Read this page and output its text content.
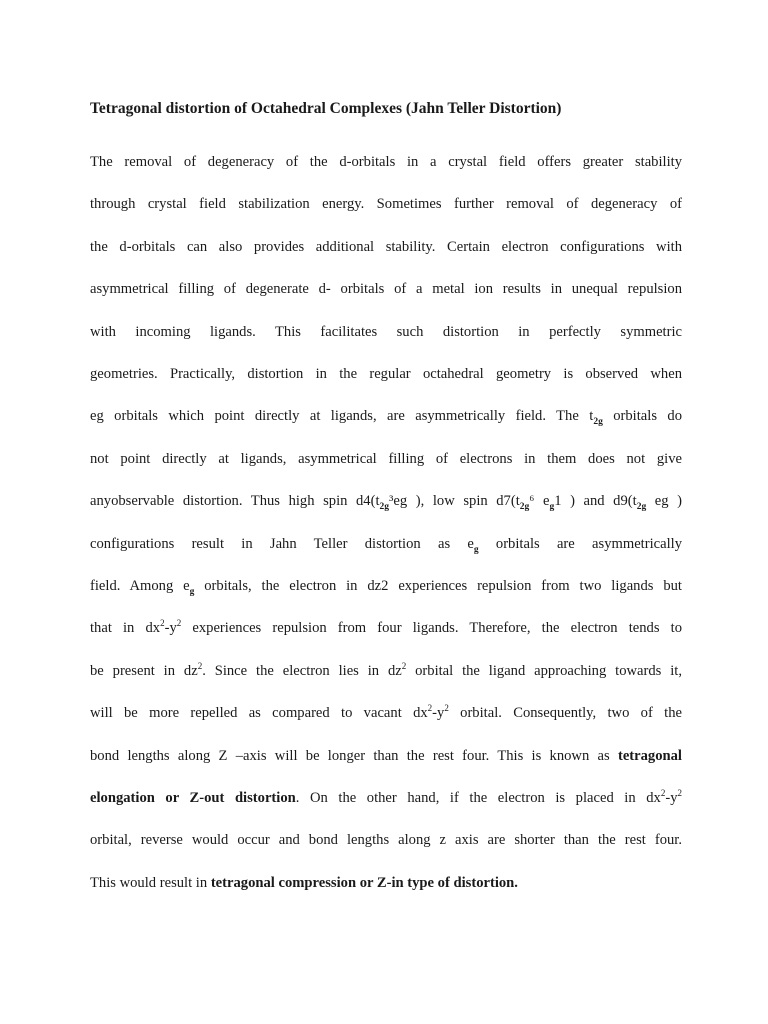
Tetragonal distortion of Octahedral Complexes (Jahn Teller Distortion)
The removal of degeneracy of the d-orbitals in a crystal field offers greater stability
through crystal field stabilization energy. Sometimes further removal of degeneracy of
the d-orbitals can also provides additional stability. Certain electron configurations with
asymmetrical filling of degenerate d- orbitals of a metal ion results in unequal repulsion
with incoming ligands. This facilitates such distortion in perfectly symmetric
geometries. Practically, distortion in the regular octahedral geometry is observed when
eg orbitals which point directly at ligands, are asymmetrically field. The $t_{2g}$ orbitals do
not point directly at ligands, asymmetrical filling of electrons in them does not give
anyobservable distortion. Thus high spin $d4(t_{2g}^3eg$ ), low spin $d7(t_{2g}^6$ $e_g1$ ) and $d9(t_{2g}$ eg )
configurations result in Jahn Teller distortion as $e_g$ orbitals are asymmetrically
field. Among $e_g$ orbitals, the electron in dz2 experiences repulsion from two ligands but
that in $dx^2-y^2$ experiences repulsion from four ligands. Therefore, the electron tends to
be present in $dz^2$. Since the electron lies in $dz^2$ orbital the ligand approaching towards it,
will be more repelled as compared to vacant $dx^2-y^2$ orbital. Consequently, two of the
bond lengths along Z –axis will be longer than the rest four. This is known as tetragonal
elongation or Z-out distortion. On the other hand, if the electron is placed in $dx^2-y^2$
orbital, reverse would occur and bond lengths along z axis are shorter than the rest four.
This would result in tetragonal compression or Z-in type of distortion.
